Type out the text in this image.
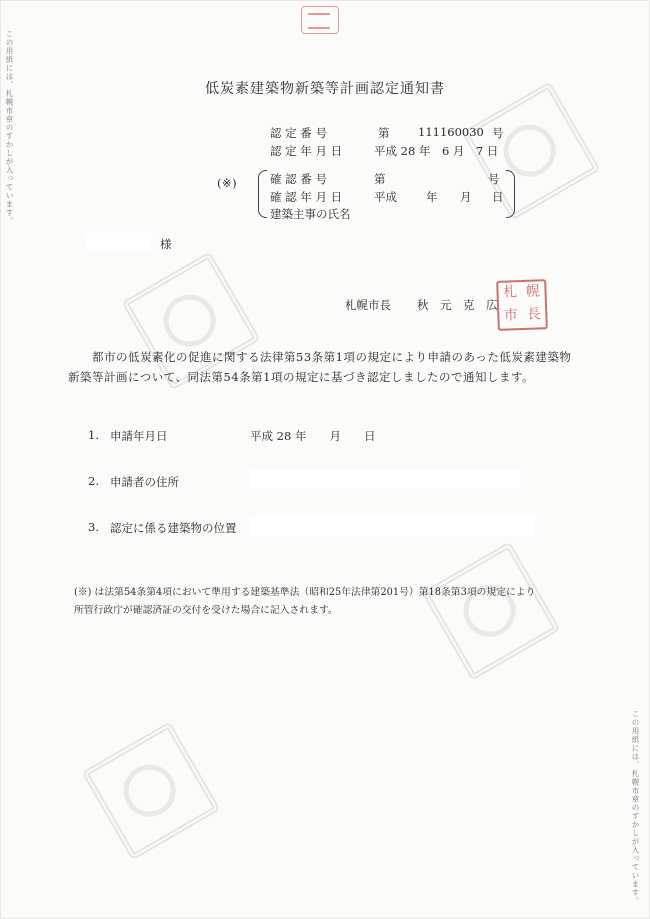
この用紙には、札幌市章のすかしが入っています。
この用紙には、札幌市章のすかしが入っています。
低炭素建築物新築等計画認定通知書
認 定 番 号	第 111160030 号
認 定 年 月 日	平成 28 年　6 月　7 日
(※)	確 認 番 号	第	号
確 認 年 月 日	平成	年 月 日
建築主事の氏名
様
札幌市長 秋　元　克　広
札 幌
市 長
都市の低炭素化の促進に関する法律第53条第1項の規定により申請のあった低炭素建築物
新築等計画について、同法第54条第1項の規定に基づき認定しましたので通知します。
1. 申請年月日	平成 28 年　　月　　日
2. 申請者の住所
3. 認定に係る建築物の位置
(※) は法第54条第4項において準用する建築基準法（昭和25年法律第201号）第18条第3項の規定により
所管行政庁が確認済証の交付を受けた場合に記入されます。
